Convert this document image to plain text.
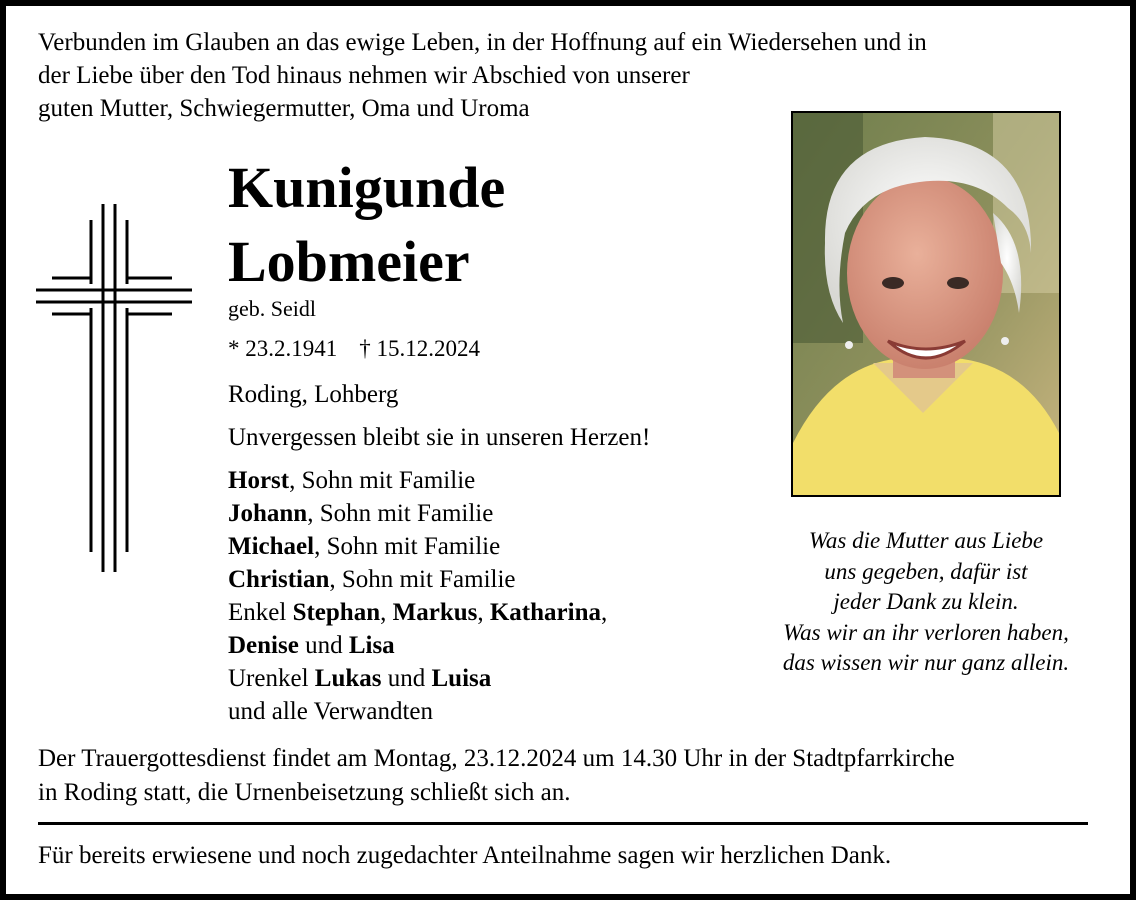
Verbunden im Glauben an das ewige Leben, in der Hoffnung auf ein Wiedersehen und in
der Liebe über den Tod hinaus nehmen wir Abschied von unserer
guten Mutter, Schwiegermutter, Oma und Uroma
Kunigunde
Lobmeier
geb. Seidl
* 23.2.1941 † 15.12.2024
Roding, Lohberg
Unvergessen bleibt sie in unseren Herzen!
Horst, Sohn mit Familie
Johann, Sohn mit Familie
Michael, Sohn mit Familie
Christian, Sohn mit Familie
Enkel Stephan, Markus, Katharina,
Denise und Lisa
Urenkel Lukas und Luisa
und alle Verwandten
Was die Mutter aus Liebe
uns gegeben, dafür ist
jeder Dank zu klein.
Was wir an ihr verloren haben,
das wissen wir nur ganz allein.
Der Trauergottesdienst findet am Montag, 23.12.2024 um 14.30 Uhr in der Stadtpfarrkirche
in Roding statt, die Urnenbeisetzung schließt sich an.
Für bereits erwiesene und noch zugedachter Anteilnahme sagen wir herzlichen Dank.
